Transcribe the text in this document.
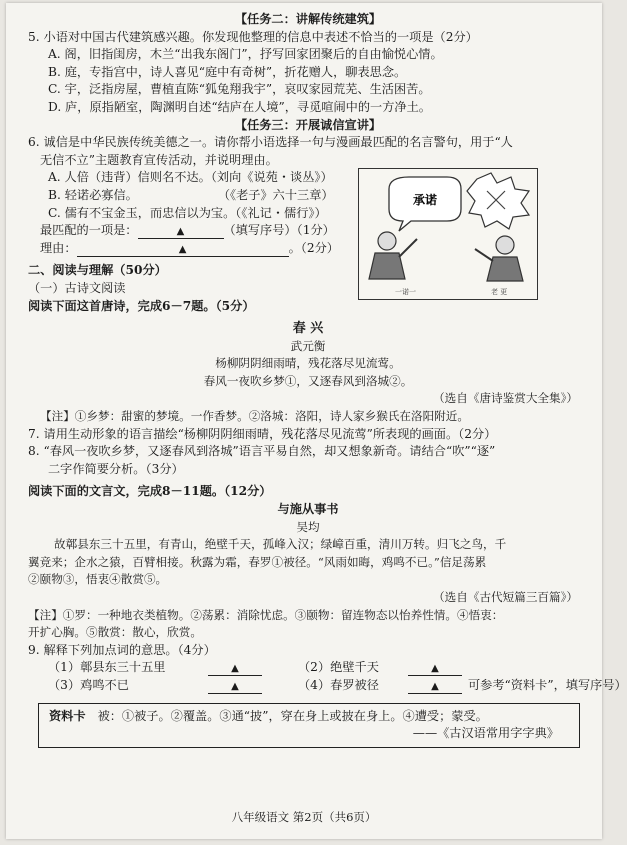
【任务二：讲解传统建筑】
5. 小语对中国古代建筑感兴趣。你发现他整理的信息中表述不恰当的一项是（2分）
A. 阁，旧指闺房，木兰“出我东阁门”，抒写回家团聚后的自由愉悦心情。
B. 庭，专指宫中，诗人喜见“庭中有奇树”，折花赠人，聊表思念。
C. 宇，泛指房屋，曹植直陈“狐兔翔我宇”，哀叹家园荒芜、生活困苦。
D. 庐，原指陋室，陶渊明自述“结庐在人境”，寻觅喧闹中的一方净土。
【任务三：开展诚信宣讲】
6. 诚信是中华民族传统美德之一。请你帮小语选择一句与漫画最匹配的名言警句，用于“人
无信不立”主题教育宣传活动，并说明理由。
A. 人倍（违背）信则名不达。（刘向《说苑・谈丛》）
B. 轻诺必寡信。	（《老子》六十三章）
C. 儒有不宝金玉，而忠信以为宝。（《礼记・儒行》）
最匹配的一项是：	▲	（填写序号）（1分）
理由：	▲	。（2分）
二、阅读与理解（50分）
（一）古诗文阅读
阅读下面这首唐诗，完成6－7题。（5分）
春 兴
武元衡
杨柳阴阴细雨晴，残花落尽见流莺。
春风一夜吹乡梦①，又逐春风到洛城②。
（选自《唐诗鉴赏大全集》）
【注】①乡梦：甜蜜的梦境。一作香梦。②洛城：洛阳，诗人家乡猴氏在洛阳附近。
7. 请用生动形象的语言描绘“杨柳阴阴细雨晴，残花落尽见流莺”所表现的画面。（2分）
8. “春风一夜吹乡梦，又逐春风到洛城”语言平易自然，却又想象新奇。请结合“吹”“逐”
二字作简要分析。（3分）
阅读下面的文言文，完成8－11题。（12分）
与施从事书
吴均
故鄣县东三十五里，有青山，绝壁千天，孤峰入汉；绿嶂百重，清川万转。归飞之鸟，千
翼竞来；企水之猿，百臂相接。秋露为霜，春罗①被径。“风雨如晦，鸡鸣不已。”信足荡累
②颐物③，悟衷④散赏⑤。
（选自《古代短篇三百篇》）
【注】①罗：一种地衣类植物。②荡累：消除忧虑。③颐物：留连物态以怡养性情。④悟衷：
开扩心胸。⑤散赏：散心，欣赏。
9. 解释下列加点词的意思。（4分）
（1）鄣县东三十五里	▲	（2）绝壁千天	▲
（3）鸡鸣不已	▲	（4）春罗被径	▲ 可参考“资料卡”，填写序号）
资料卡 被：①被子。②覆盖。③通“披”，穿在身上或披在身上。④遭受；蒙受。
——《古汉语常用字字典》
承诺
一诺一	老 更
八年级语文 第2页（共6页）
